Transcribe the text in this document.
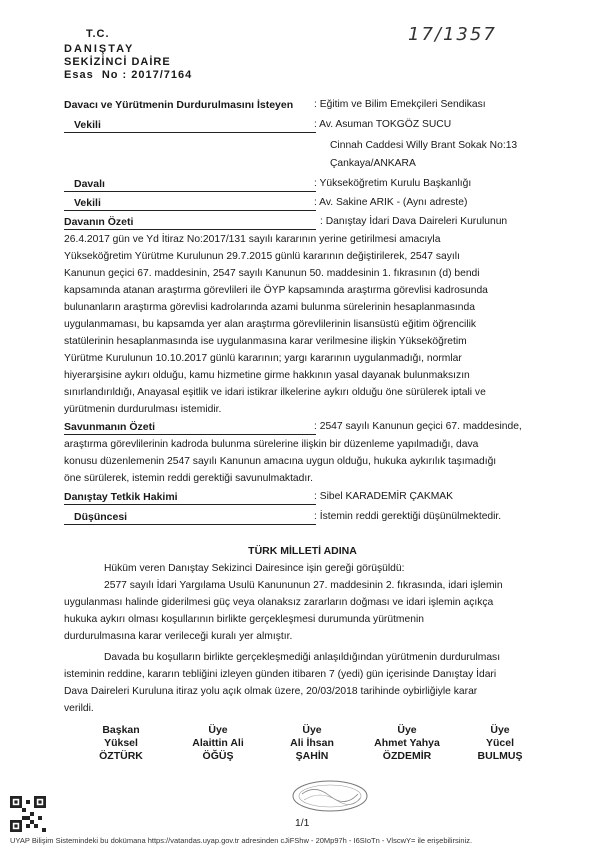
T.C.
DANIŞTAY
SEKİZİNCİ DAİRE
Esas No : 2017/7164
17/1357
Davacı ve Yürütmenin Durdurulmasını İsteyen : Eğitim ve Bilim Emekçileri Sendikası
Vekili	: Av. Asuman TOKGÖZ SUCU
Cinnah Caddesi Willy Brant Sokak No:13
Çankaya/ANKARA
Davalı	: Yükseköğretim Kurulu Başkanlığı
Vekili	: Av. Sakine ARIK - (Aynı adreste)
Davanın Özeti	: Danıştay İdari Dava Daireleri Kurulunun
26.4.2017 gün ve Yd İtiraz No:2017/131 sayılı kararının yerine getirilmesi amacıyla
Yükseköğretim Yürütme Kurulunun 29.7.2015 günlü kararının değiştirilerek, 2547 sayılı
Kanunun geçici 67. maddesinin, 2547 sayılı Kanunun 50. maddesinin 1. fıkrasının (d) bendi
kapsamında atanan araştırma görevlileri ile ÖYP kapsamında araştırma görevlisi kadrosunda
bulunanların araştırma görevlisi kadrolarında azami bulunma sürelerinin hesaplanmasında
uygulanmaması, bu kapsamda yer alan araştırma görevlilerinin lisansüstü eğitim öğrencilik
statülerinin hesaplanmasında ise uygulanmasına karar verilmesine ilişkin Yükseköğretim
Yürütme Kurulunun 10.10.2017 günlü kararının; yargı kararının uygulanmadığı, normlar
hiyerarşisine aykırı olduğu, kamu hizmetine girme hakkının yasal dayanak bulunmaksızın
sınırlandırıldığı, Anayasal eşitlik ve idari istikrar ilkelerine aykırı olduğu öne sürülerek iptali ve
yürütmenin durdurulması istemidir.
Savunmanın Özeti	: 2547 sayılı Kanunun geçici 67. maddesinde,
araştırma görevlilerinin kadroda bulunma sürelerine ilişkin bir düzenleme yapılmadığı, dava
konusu düzenlemenin 2547 sayılı Kanunun amacına uygun olduğu, hukuka aykırılık taşımadığı
öne sürülerek, istemin reddi gerektiği savunulmaktadır.
Danıştay Tetkik Hakimi	: Sibel KARADEMİR ÇAKMAK
Düşüncesi	: İstemin reddi gerektiği düşünülmektedir.
TÜRK MİLLETİ ADINA
Hüküm veren Danıştay Sekizinci Dairesince işin gereği görüşüldü:
2577 sayılı İdari Yargılama Usulü Kanununun 27. maddesinin 2. fıkrasında, idari işlemin
uygulanması halinde giderilmesi güç veya olanaksız zararların doğması ve idari işlemin açıkça
hukuka aykırı olması koşullarının birlikte gerçekleşmesi durumunda yürütmenin
durdurulmasına karar verileceği kuralı yer almıştır.
Davada bu koşulların birlikte gerçekleşmediği anlaşıldığından yürütmenin durdurulması
isteminin reddine, kararın tebliğini izleyen günden itibaren 7 (yedi) gün içerisinde Danıştay İdari
Dava Daireleri Kuruluna itiraz yolu açık olmak üzere, 20/03/2018 tarihinde oybirliğiyle karar
verildi.
Başkan
Yüksel
ÖZTÜRK
Üye
Alaittin Ali
ÖĞÜŞ
Üye
Ali İhsan
ŞAHİN
Üye
Ahmet Yahya
ÖZDEMİR
Üye
Yücel
BULMUŞ
1/1
UYAP Bilişim Sistemindeki bu dokümana https://vatandas.uyap.gov.tr adresinden cJiFShw - 20Mp97h - I6SIoTn - VlscwY= ile erişebilirsiniz.
